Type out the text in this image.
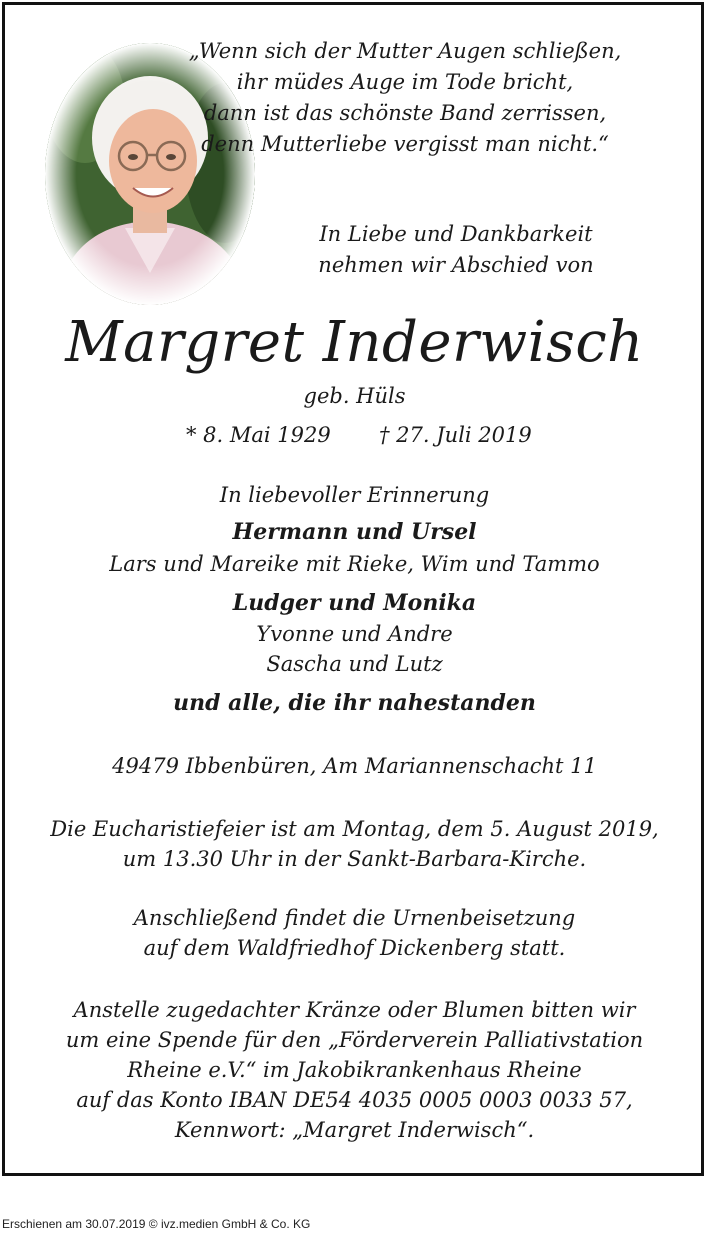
„Wenn sich der Mutter Augen schließen,
ihr müdes Auge im Tode bricht,
dann ist das schönste Band zerrissen,
denn Mutterliebe vergisst man nicht.“
In Liebe und Dankbarkeit
nehmen wir Abschied von
Margret Inderwisch
geb. Hüls
* 8. Mai 1929 † 27. Juli 2019
In liebevoller Erinnerung
Hermann und Ursel
Lars und Mareike mit Rieke, Wim und Tammo
Ludger und Monika
Yvonne und Andre
Sascha und Lutz
und alle, die ihr nahestanden
49479 Ibbenbüren, Am Mariannenschacht 11
Die Eucharistiefeier ist am Montag, dem 5. August 2019,
um 13.30 Uhr in der Sankt-Barbara-Kirche.
Anschließend findet die Urnenbeisetzung
auf dem Waldfriedhof Dickenberg statt.
Anstelle zugedachter Kränze oder Blumen bitten wir
um eine Spende für den „Förderverein Palliativstation
Rheine e.V.“ im Jakobikrankenhaus Rheine
auf das Konto IBAN DE54 4035 0005 0003 0033 57,
Kennwort: „Margret Inderwisch“.
Erschienen am 30.07.2019 © ivz.medien GmbH & Co. KG
